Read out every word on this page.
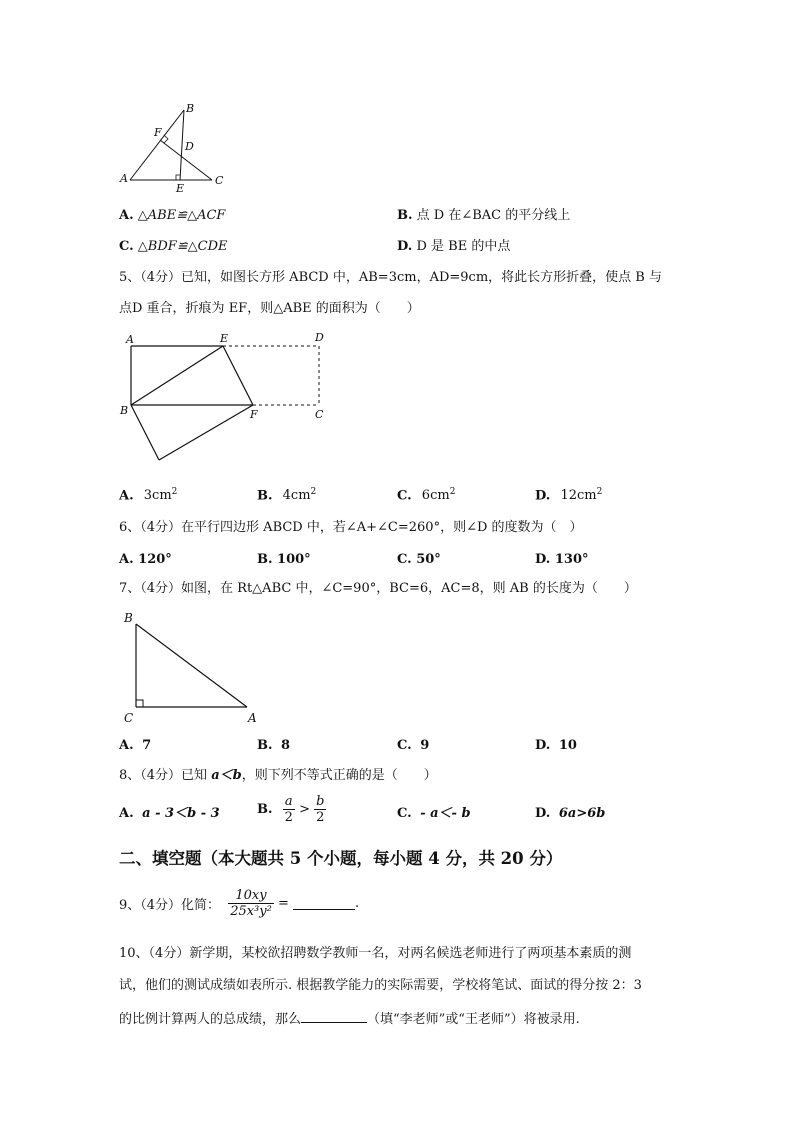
B
F
D
A
E
C
A. △ABE≌△ACF	B. 点 D 在∠BAC 的平分线上
C. △BDF≌△CDE	D. D 是 BE 的中点
5、（4分）已知，如图长方形 ABCD 中，AB=3cm，AD=9cm，将此长方形折叠，使点 B 与
点D 重合，折痕为 EF，则△ABE 的面积为（　　）
A	E	D
B	F	C
A. $3cm^2$	B. $4cm^2$	C. $6cm^2$	D. $12cm^2$
6、（4分）在平行四边形 ABCD 中，若∠A+∠C=260°，则∠D 的度数为（　）
A. 120°	B. 100°	C. 50°	D. 130°
7、（4分）如图，在 Rt△ABC 中，∠C=90°，BC=6，AC=8，则 AB 的长度为（　　）
B
C	A
A. 7	B. 8	C. 9	D. 10
8、（4分）已知 a＜b，则下列不等式正确的是（　　）
A. a - 3＜b - 3	B. $\frac{a}{2} > \frac{b}{2}$	C. - a＜- b	D. 6a>6b
二、填空题（本大题共 5 个小题，每小题 4 分，共 20 分）
9、（4分）化简： $\frac{10xy}{\text{25x³y²}}$ =	.
10、（4分）新学期，某校欲招聘数学教师一名，对两名候选老师进行了两项基本素质的测
试，他们的测试成绩如表所示. 根据教学能力的实际需要，学校将笔试、面试的得分按 2：3
的比例计算两人的总成绩，那么	（填“李老师”或“王老师”）将被录用.
